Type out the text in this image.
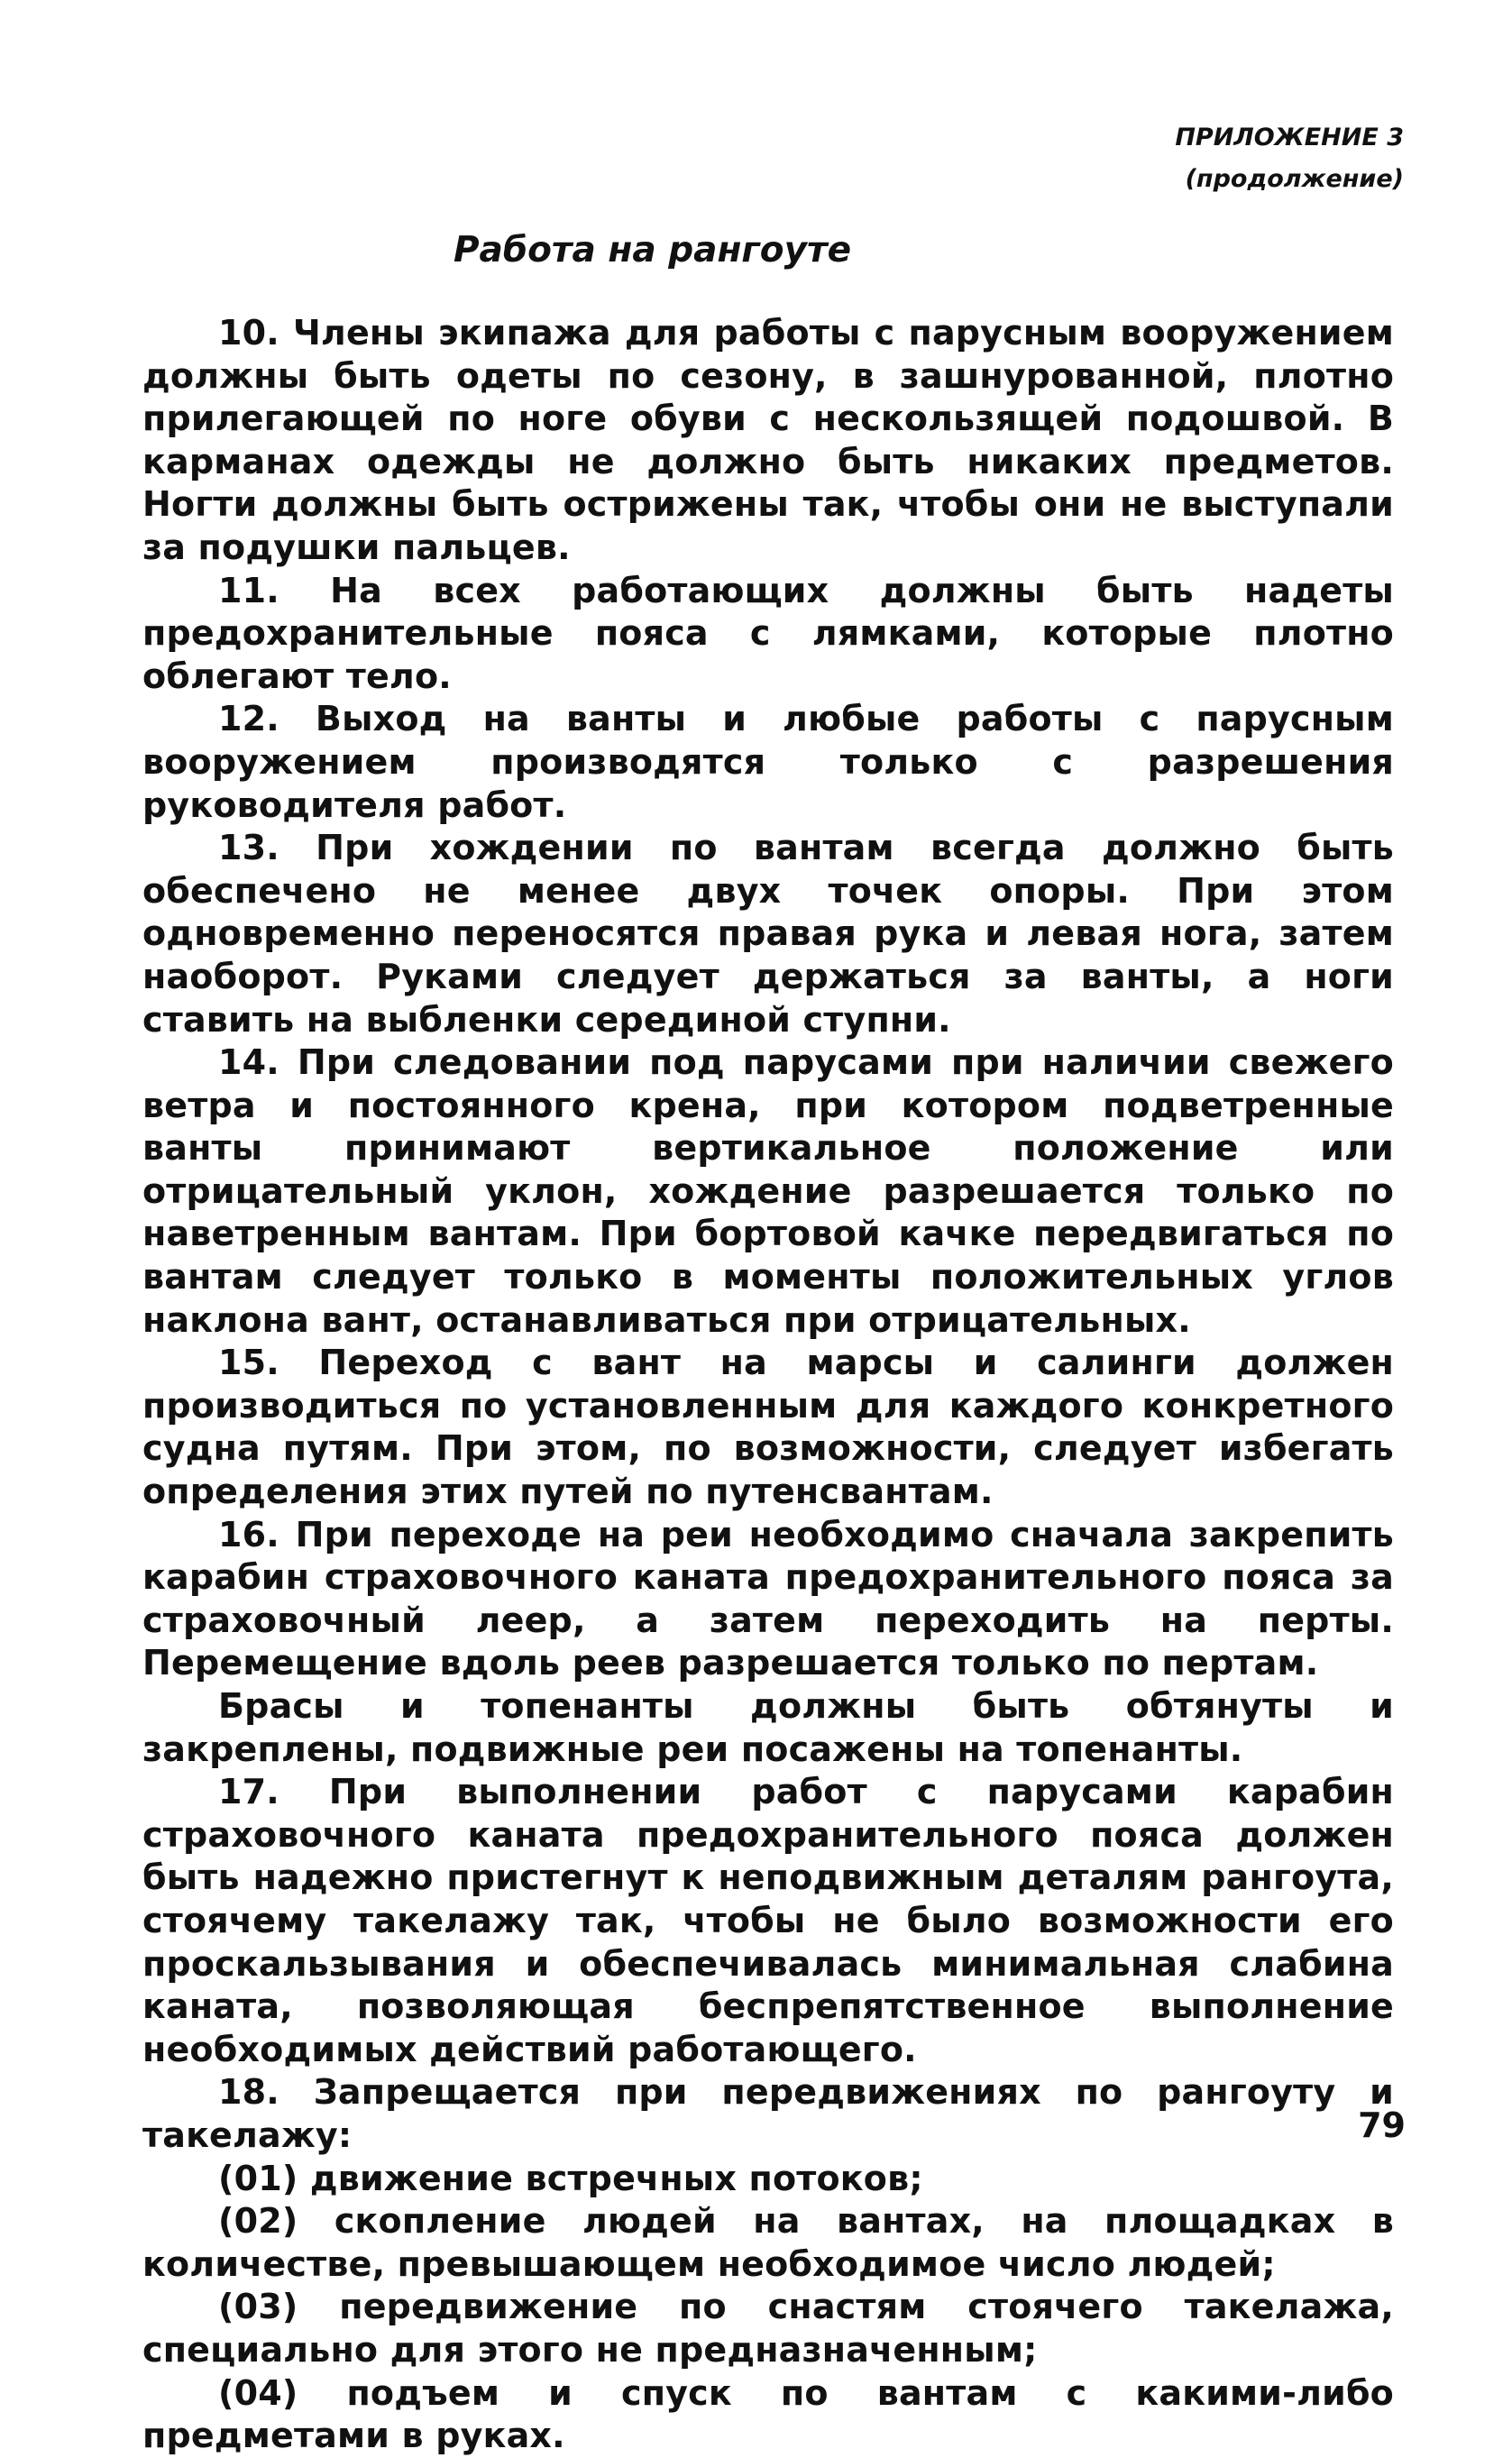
ПРИЛОЖЕНИЕ 3
(продолжение)
Работа на рангоуте

10. Члены экипажа для работы с парусным вооружением должны быть одеты по сезону, в зашнурованной, плотно прилегающей по ноге обуви с нескользящей подошвой. В карманах одежды не должно быть никаких предметов. Ногти должны быть острижены так, чтобы они не выступали за подушки пальцев.

11. На всех работающих должны быть надеты предохранительные пояса с лямками, которые плотно облегают тело.

12. Выход на ванты и любые работы с парусным вооружением производятся только с разрешения руководителя работ.

13. При хождении по вантам всегда должно быть обеспечено не менее двух точек опоры. При этом одновременно переносятся правая рука и левая нога, затем наоборот. Руками следует держаться за ванты, а ноги ставить на выбленки серединой ступни.

14. При следовании под парусами при наличии свежего ветра и постоянного крена, при котором подветренные ванты принимают вертикальное положение или отрицательный уклон, хождение разрешается только по наветренным вантам. При бортовой качке передвигаться по вантам следует только в моменты положительных углов наклона вант, останавливаться при отрицательных.

15. Переход с вант на марсы и салинги должен производиться по установленным для каждого конкретного судна путям. При этом, по возможности, следует избегать определения этих путей по путенсвантам.

16. При переходе на реи необходимо сначала закрепить карабин страховочного каната предохранительного пояса за страховочный леер, а затем переходить на перты. Перемещение вдоль реев разрешается только по пертам.

Брасы и топенанты должны быть обтянуты и закреплены, подвижные реи посажены на топенанты.

17. При выполнении работ с парусами карабин страховочного каната предохранительного пояса должен быть надежно пристегнут к неподвижным деталям рангоута, стоячему такелажу так, чтобы не было возможности его проскальзывания и обеспечивалась минимальная слабина каната, позволяющая беспрепятственное выполнение необходимых действий работающего.

18. Запрещается при передвижениях по рангоуту и такелажу:

(01) движение встречных потоков;

(02) скопление людей на вантах, на площадках в количестве, превышающем необходимое число людей;

(03) передвижение по снастям стоячего такелажа, специально для этого не предназначенным;

(04) подъем и спуск по вантам с какими-либо предметами в руках.

79
